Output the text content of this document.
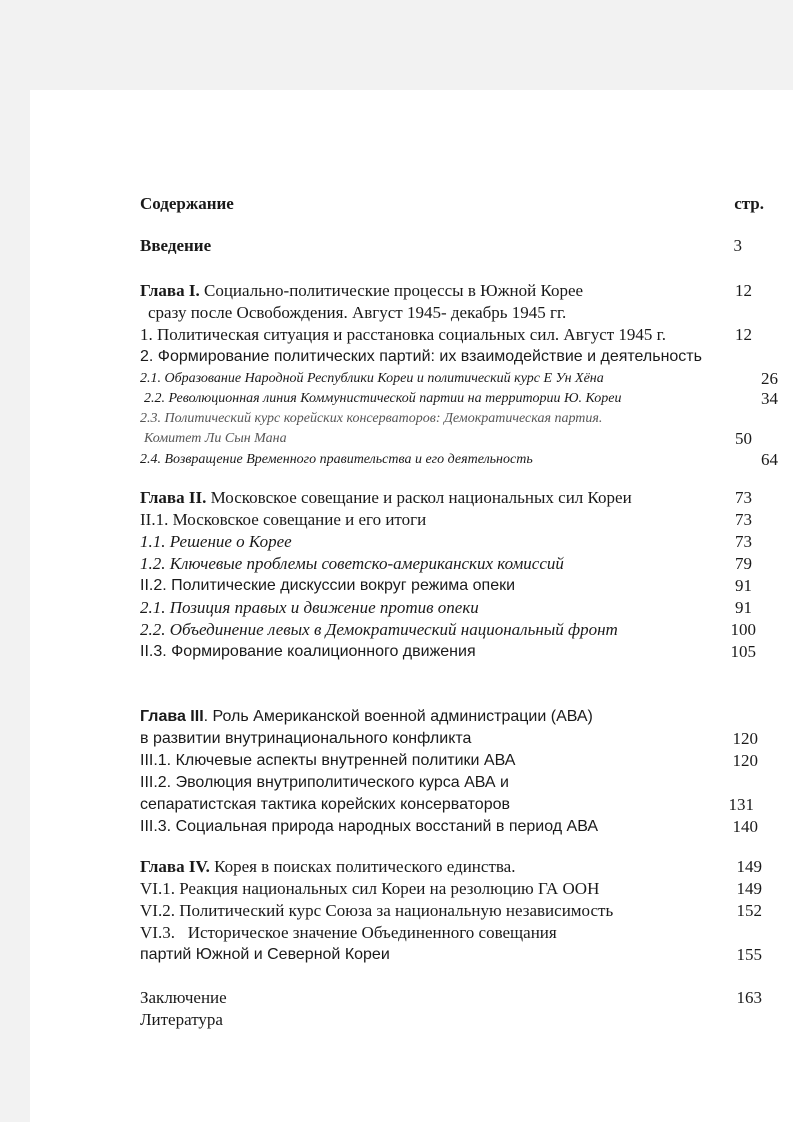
Содержание	стр.
Введение	3
Глава I. Социально-политические процессы в Южной Корее	12
сразу после Освобождения. Август 1945- декабрь 1945 гг.
1. Политическая ситуация и расстановка социальных сил. Август 1945 г.	12
2. Формирование политических партий: их взаимодействие и деятельность
2.1. Образование Народной Республики Кореи и политический курс Е Ун Хёна	26
2.2. Революционная линия Коммунистической партии на территории Ю. Кореи	34
2.3. Политический курс корейских консерваторов: Демократическая партия.
Комитет Ли Сын Мана	50
2.4. Возвращение Временного правительства и его деятельность	64
Глава II. Московское совещание и раскол национальных сил Кореи	73
II.1. Московское совещание и его итоги	73
1.1. Решение о Корее	73
1.2. Ключевые проблемы советско-американских комиссий	79
II.2. Политические дискуссии вокруг режима опеки	91
2.1. Позиция правых и движение против опеки	91
2.2. Объединение левых в Демократический национальный фронт	100
II.3. Формирование коалиционного движения	105
Глава III. Роль Американской военной администрации (АВА)
в развитии внутринационального конфликта	120
III.1. Ключевые аспекты внутренней политики АВА	120
III.2. Эволюция внутриполитического курса АВА и
сепаратистская тактика корейских консерваторов	131
III.3. Социальная природа народных восстаний в период АВА	140
Глава IV. Корея в поисках политического единства.	149
VI.1. Реакция национальных сил Кореи на резолюцию ГА ООН	149
VI.2. Политический курс Союза за национальную независимость	152
VI.3.   Историческое значение Объединенного совещания
партий Южной и Северной Кореи	155
Заключение	163
Литература
